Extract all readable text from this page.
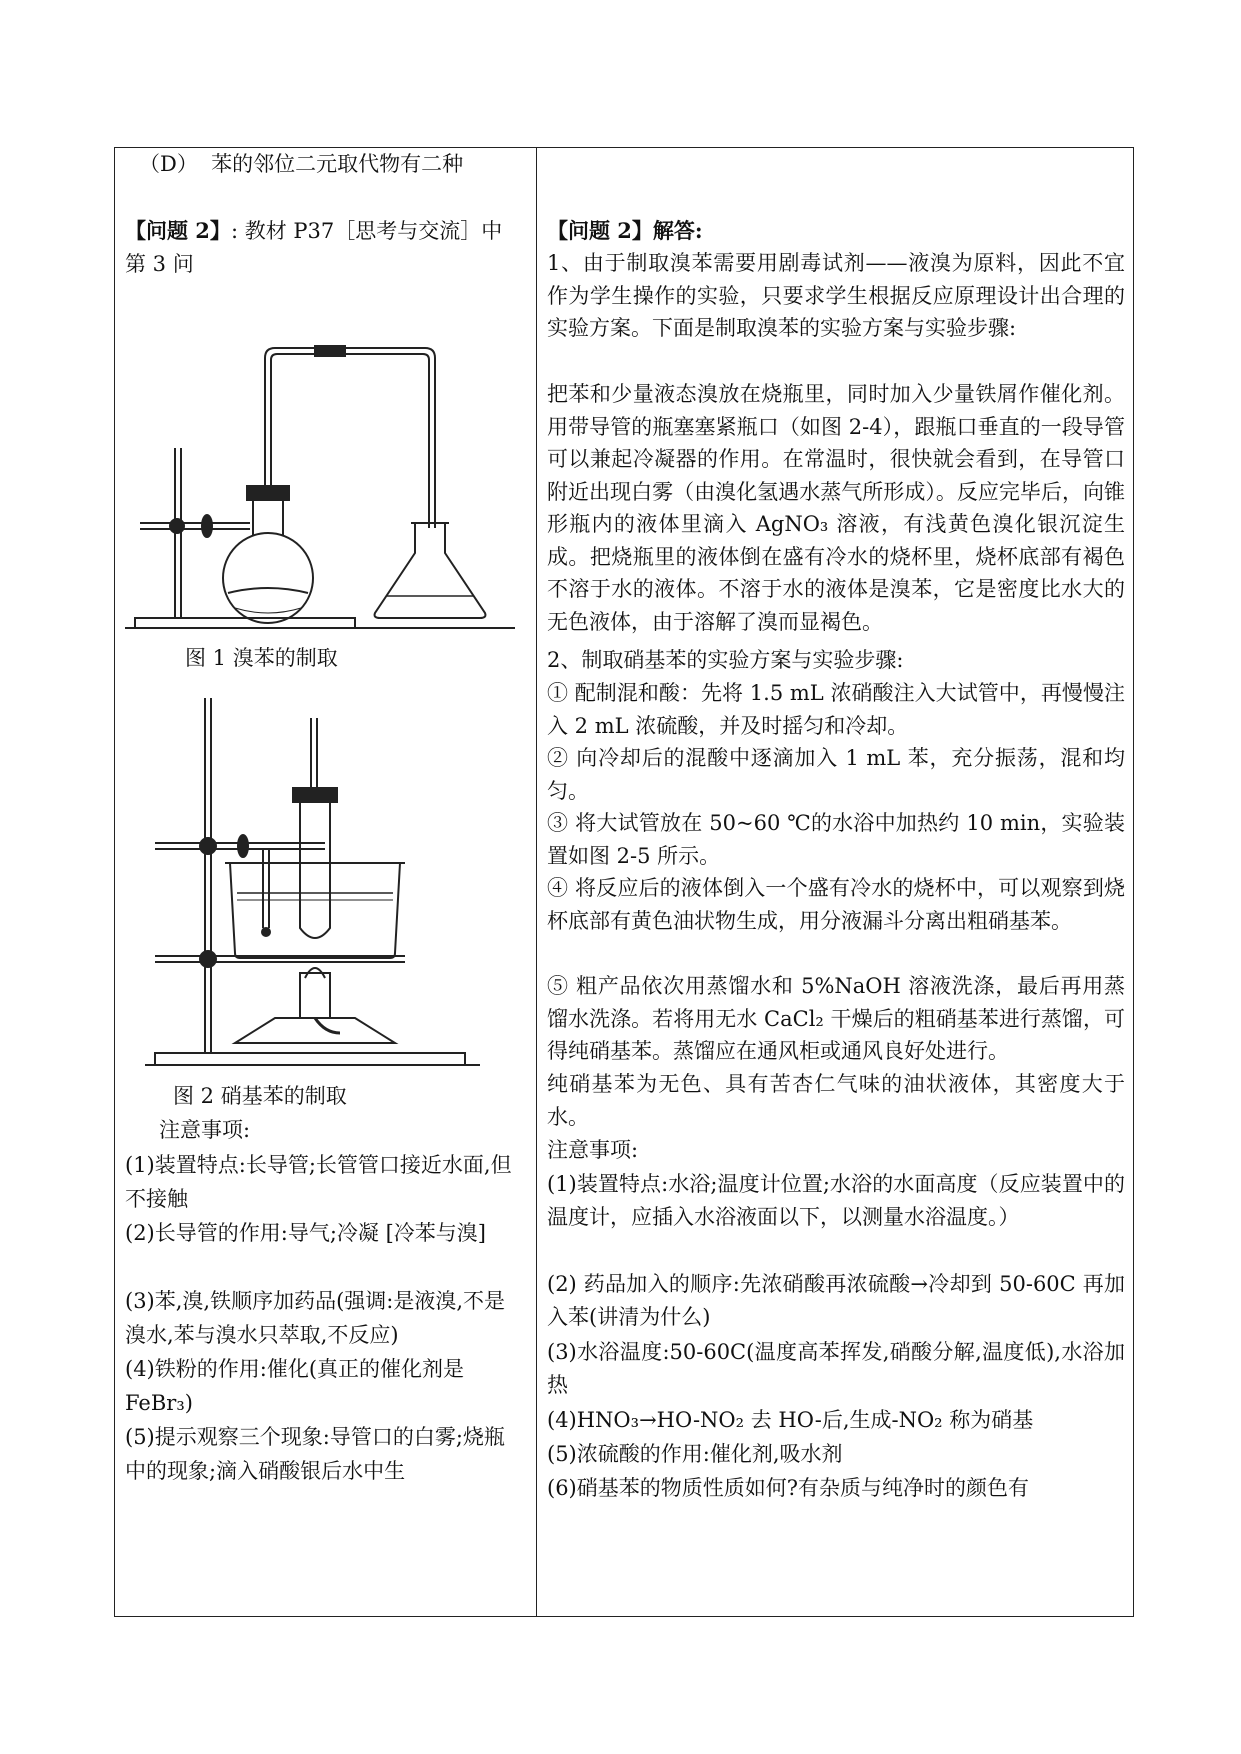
（D）  苯的邻位二元取代物有二种
【问题 2】: 教材 P37［思考与交流］中第 3 问
图 1 溴苯的制取
图 2 硝基苯的制取
注意事项:
(1)装置特点:长导管;长管管口接近水面,但不接触
(2)长导管的作用:导气;冷凝 [冷苯与溴]
(3)苯,溴,铁顺序加药品(强调:是液溴,不是溴水,苯与溴水只萃取,不反应)
(4)铁粉的作用:催化(真正的催化剂是 FeBr₃)
(5)提示观察三个现象:导管口的白雾;烧瓶中的现象;滴入硝酸银后水中生
【问题 2】解答:
1、由于制取溴苯需要用剧毒试剂——液溴为原料，因此不宜作为学生操作的实验，只要求学生根据反应原理设计出合理的实验方案。下面是制取溴苯的实验方案与实验步骤:
把苯和少量液态溴放在烧瓶里，同时加入少量铁屑作催化剂。用带导管的瓶塞塞紧瓶口（如图 2-4），跟瓶口垂直的一段导管可以兼起冷凝器的作用。在常温时，很快就会看到，在导管口附近出现白雾（由溴化氢遇水蒸气所形成）。反应完毕后，向锥形瓶内的液体里滴入 AgNO₃ 溶液，有浅黄色溴化银沉淀生成。把烧瓶里的液体倒在盛有冷水的烧杯里，烧杯底部有褐色不溶于水的液体。不溶于水的液体是溴苯，它是密度比水大的无色液体，由于溶解了溴而显褐色。
2、制取硝基苯的实验方案与实验步骤:
① 配制混和酸：先将 1.5 mL 浓硝酸注入大试管中，再慢慢注入 2 mL 浓硫酸，并及时摇匀和冷却。
② 向冷却后的混酸中逐滴加入 1 mL 苯，充分振荡，混和均匀。
③ 将大试管放在 50~60 ℃的水浴中加热约 10 min，实验装置如图 2-5 所示。
④ 将反应后的液体倒入一个盛有冷水的烧杯中，可以观察到烧杯底部有黄色油状物生成，用分液漏斗分离出粗硝基苯。
⑤ 粗产品依次用蒸馏水和 5%NaOH 溶液洗涤，最后再用蒸馏水洗涤。若将用无水 CaCl₂ 干燥后的粗硝基苯进行蒸馏，可得纯硝基苯。蒸馏应在通风柜或通风良好处进行。
纯硝基苯为无色、具有苦杏仁气味的油状液体，其密度大于水。
注意事项:
(1)装置特点:水浴;温度计位置;水浴的水面高度（反应装置中的温度计，应插入水浴液面以下，以测量水浴温度。）
(2) 药品加入的顺序:先浓硝酸再浓硫酸→冷却到 50-60C 再加入苯(讲清为什么)
(3)水浴温度:50-60C(温度高苯挥发,硝酸分解,温度低),水浴加热
(4)HNO₃→HO-NO₂ 去 HO-后,生成-NO₂ 称为硝基
(5)浓硫酸的作用:催化剂,吸水剂
(6)硝基苯的物质性质如何?有杂质与纯净时的颜色有
